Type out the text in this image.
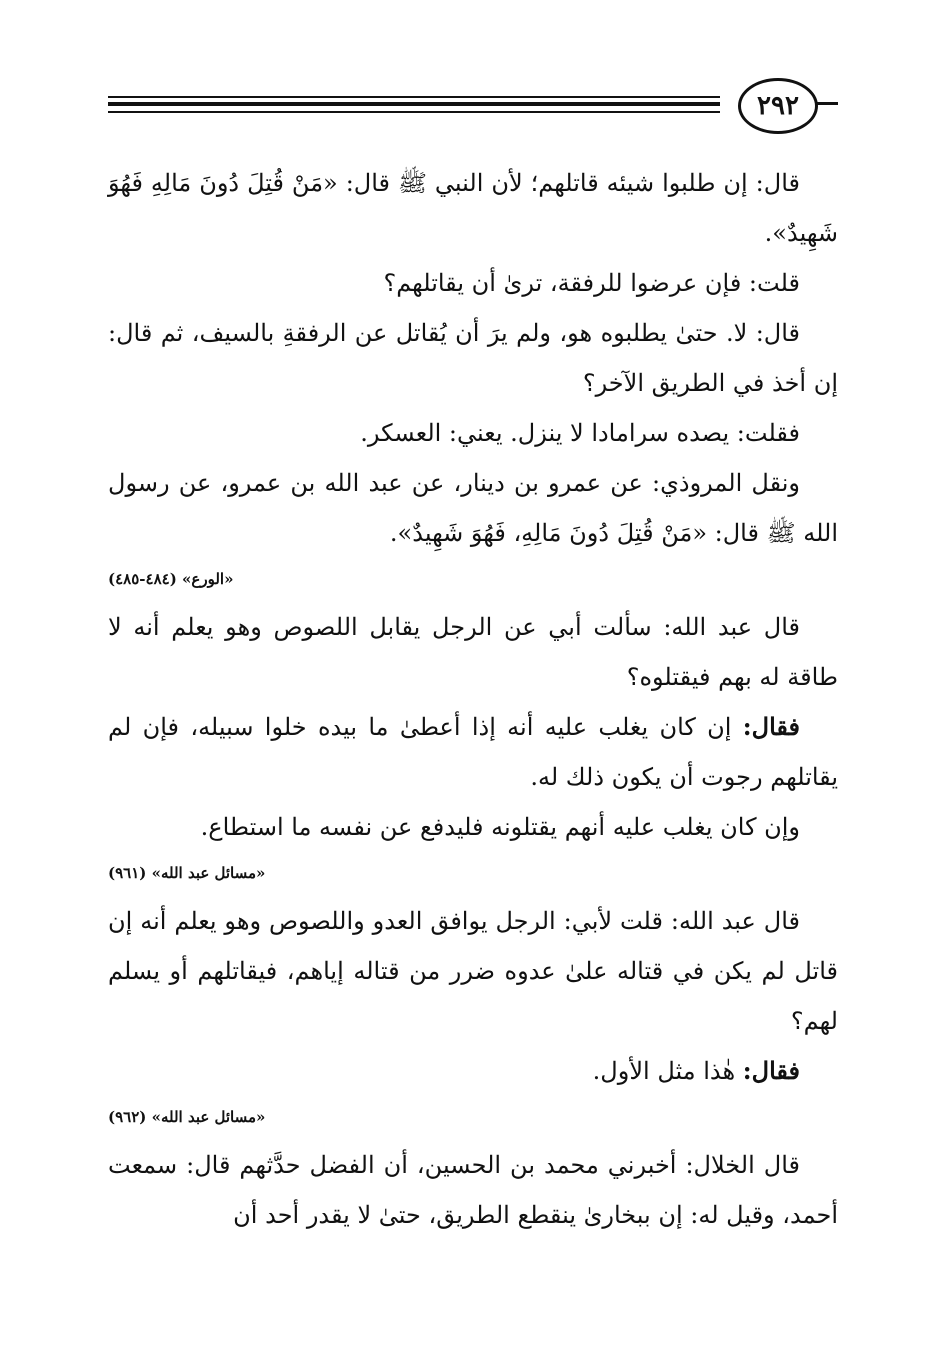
٢٩٢

قال: إن طلبوا شيئه قاتلهم؛ لأن النبي ﷺ قال: «مَنْ قُتِلَ دُونَ مَالِهِ فَهُوَ شَهِيدٌ».

قلت: فإن عرضوا للرفقة، ترىٰ أن يقاتلهم؟

قال: لا. حتىٰ يطلبوه هو، ولم يرَ أن يُقاتل عن الرفقةِ بالسيف، ثم قال: إن أخذ في الطريق الآخر؟

فقلت: يصده سرامادا لا ينزل. يعني: العسكر.

ونقل المروذي: عن عمرو بن دينار، عن عبد الله بن عمرو، عن رسول الله ﷺ قال: «مَنْ قُتِلَ دُونَ مَالِهِ، فَهُوَ شَهِيدٌ».

«الورع» (٤٨٤-٤٨٥)

قال عبد الله: سألت أبي عن الرجل يقابل اللصوص وهو يعلم أنه لا طاقة له بهم فيقتلوه؟

فقال: إن كان يغلب عليه أنه إذا أعطىٰ ما بيده خلوا سبيله، فإن لم يقاتلهم رجوت أن يكون ذلك له.

وإن كان يغلب عليه أنهم يقتلونه فليدفع عن نفسه ما استطاع.

«مسائل عبد الله» (٩٦١)

قال عبد الله: قلت لأبي: الرجل يوافق العدو واللصوص وهو يعلم أنه إن قاتل لم يكن في قتاله علىٰ عدوه ضرر من قتاله إياهم، فيقاتلهم أو يسلم لهم؟

فقال: هٰذا مثل الأول.

«مسائل عبد الله» (٩٦٢)

قال الخلال: أخبرني محمد بن الحسين، أن الفضل حدَّثهم قال: سمعت أحمد، وقيل له: إن ببخارىٰ ينقطع الطريق، حتىٰ لا يقدر أحد أن
